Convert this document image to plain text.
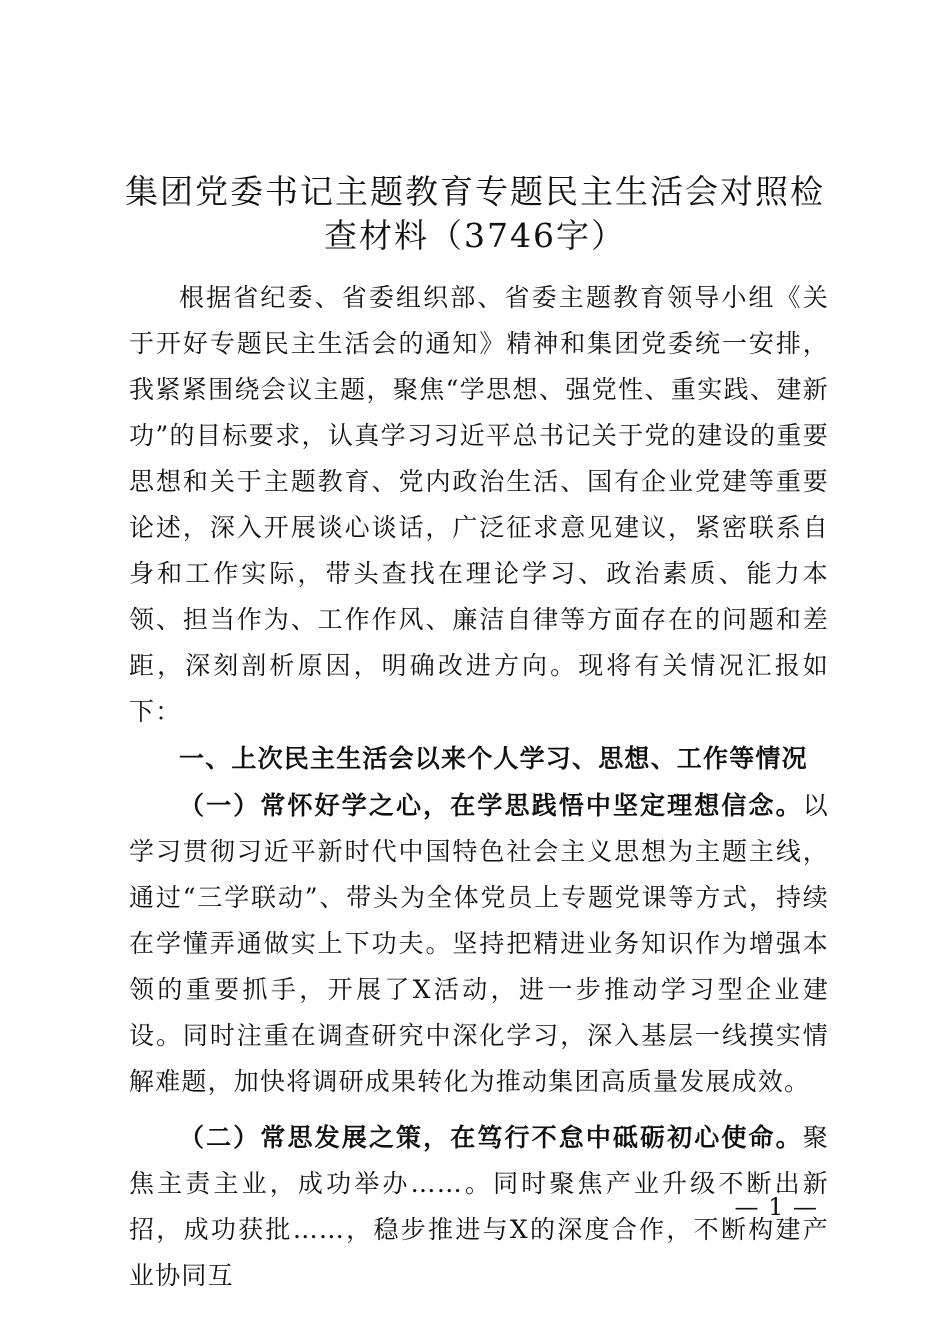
集团党委书记主题教育专题民主生活会对照检
查材料（3746字）

根据省纪委、省委组织部、省委主题教育领导小组《关于开好专题民主生活会的通知》精神和集团党委统一安排，我紧紧围绕会议主题，聚焦“学思想、强党性、重实践、建新功”的目标要求，认真学习习近平总书记关于党的建设的重要思想和关于主题教育、党内政治生活、国有企业党建等重要论述，深入开展谈心谈话，广泛征求意见建议，紧密联系自身和工作实际，带头查找在理论学习、政治素质、能力本领、担当作为、工作作风、廉洁自律等方面存在的问题和差距，深刻剖析原因，明确改进方向。现将有关情况汇报如下：

一、上次民主生活会以来个人学习、思想、工作等情况

（一）常怀好学之心，在学思践悟中坚定理想信念。以学习贯彻习近平新时代中国特色社会主义思想为主题主线，通过“三学联动”、带头为全体党员上专题党课等方式，持续在学懂弄通做实上下功夫。坚持把精进业务知识作为增强本领的重要抓手，开展了X活动，进一步推动学习型企业建设。同时注重在调查研究中深化学习，深入基层一线摸实情解难题，加快将调研成果转化为推动集团高质量发展成效。

（二）常思发展之策，在笃行不怠中砥砺初心使命。聚焦主责主业，成功举办……。同时聚焦产业升级不断出新招，成功获批……，稳步推进与X的深度合作，不断构建产业协同互

— 1 —
